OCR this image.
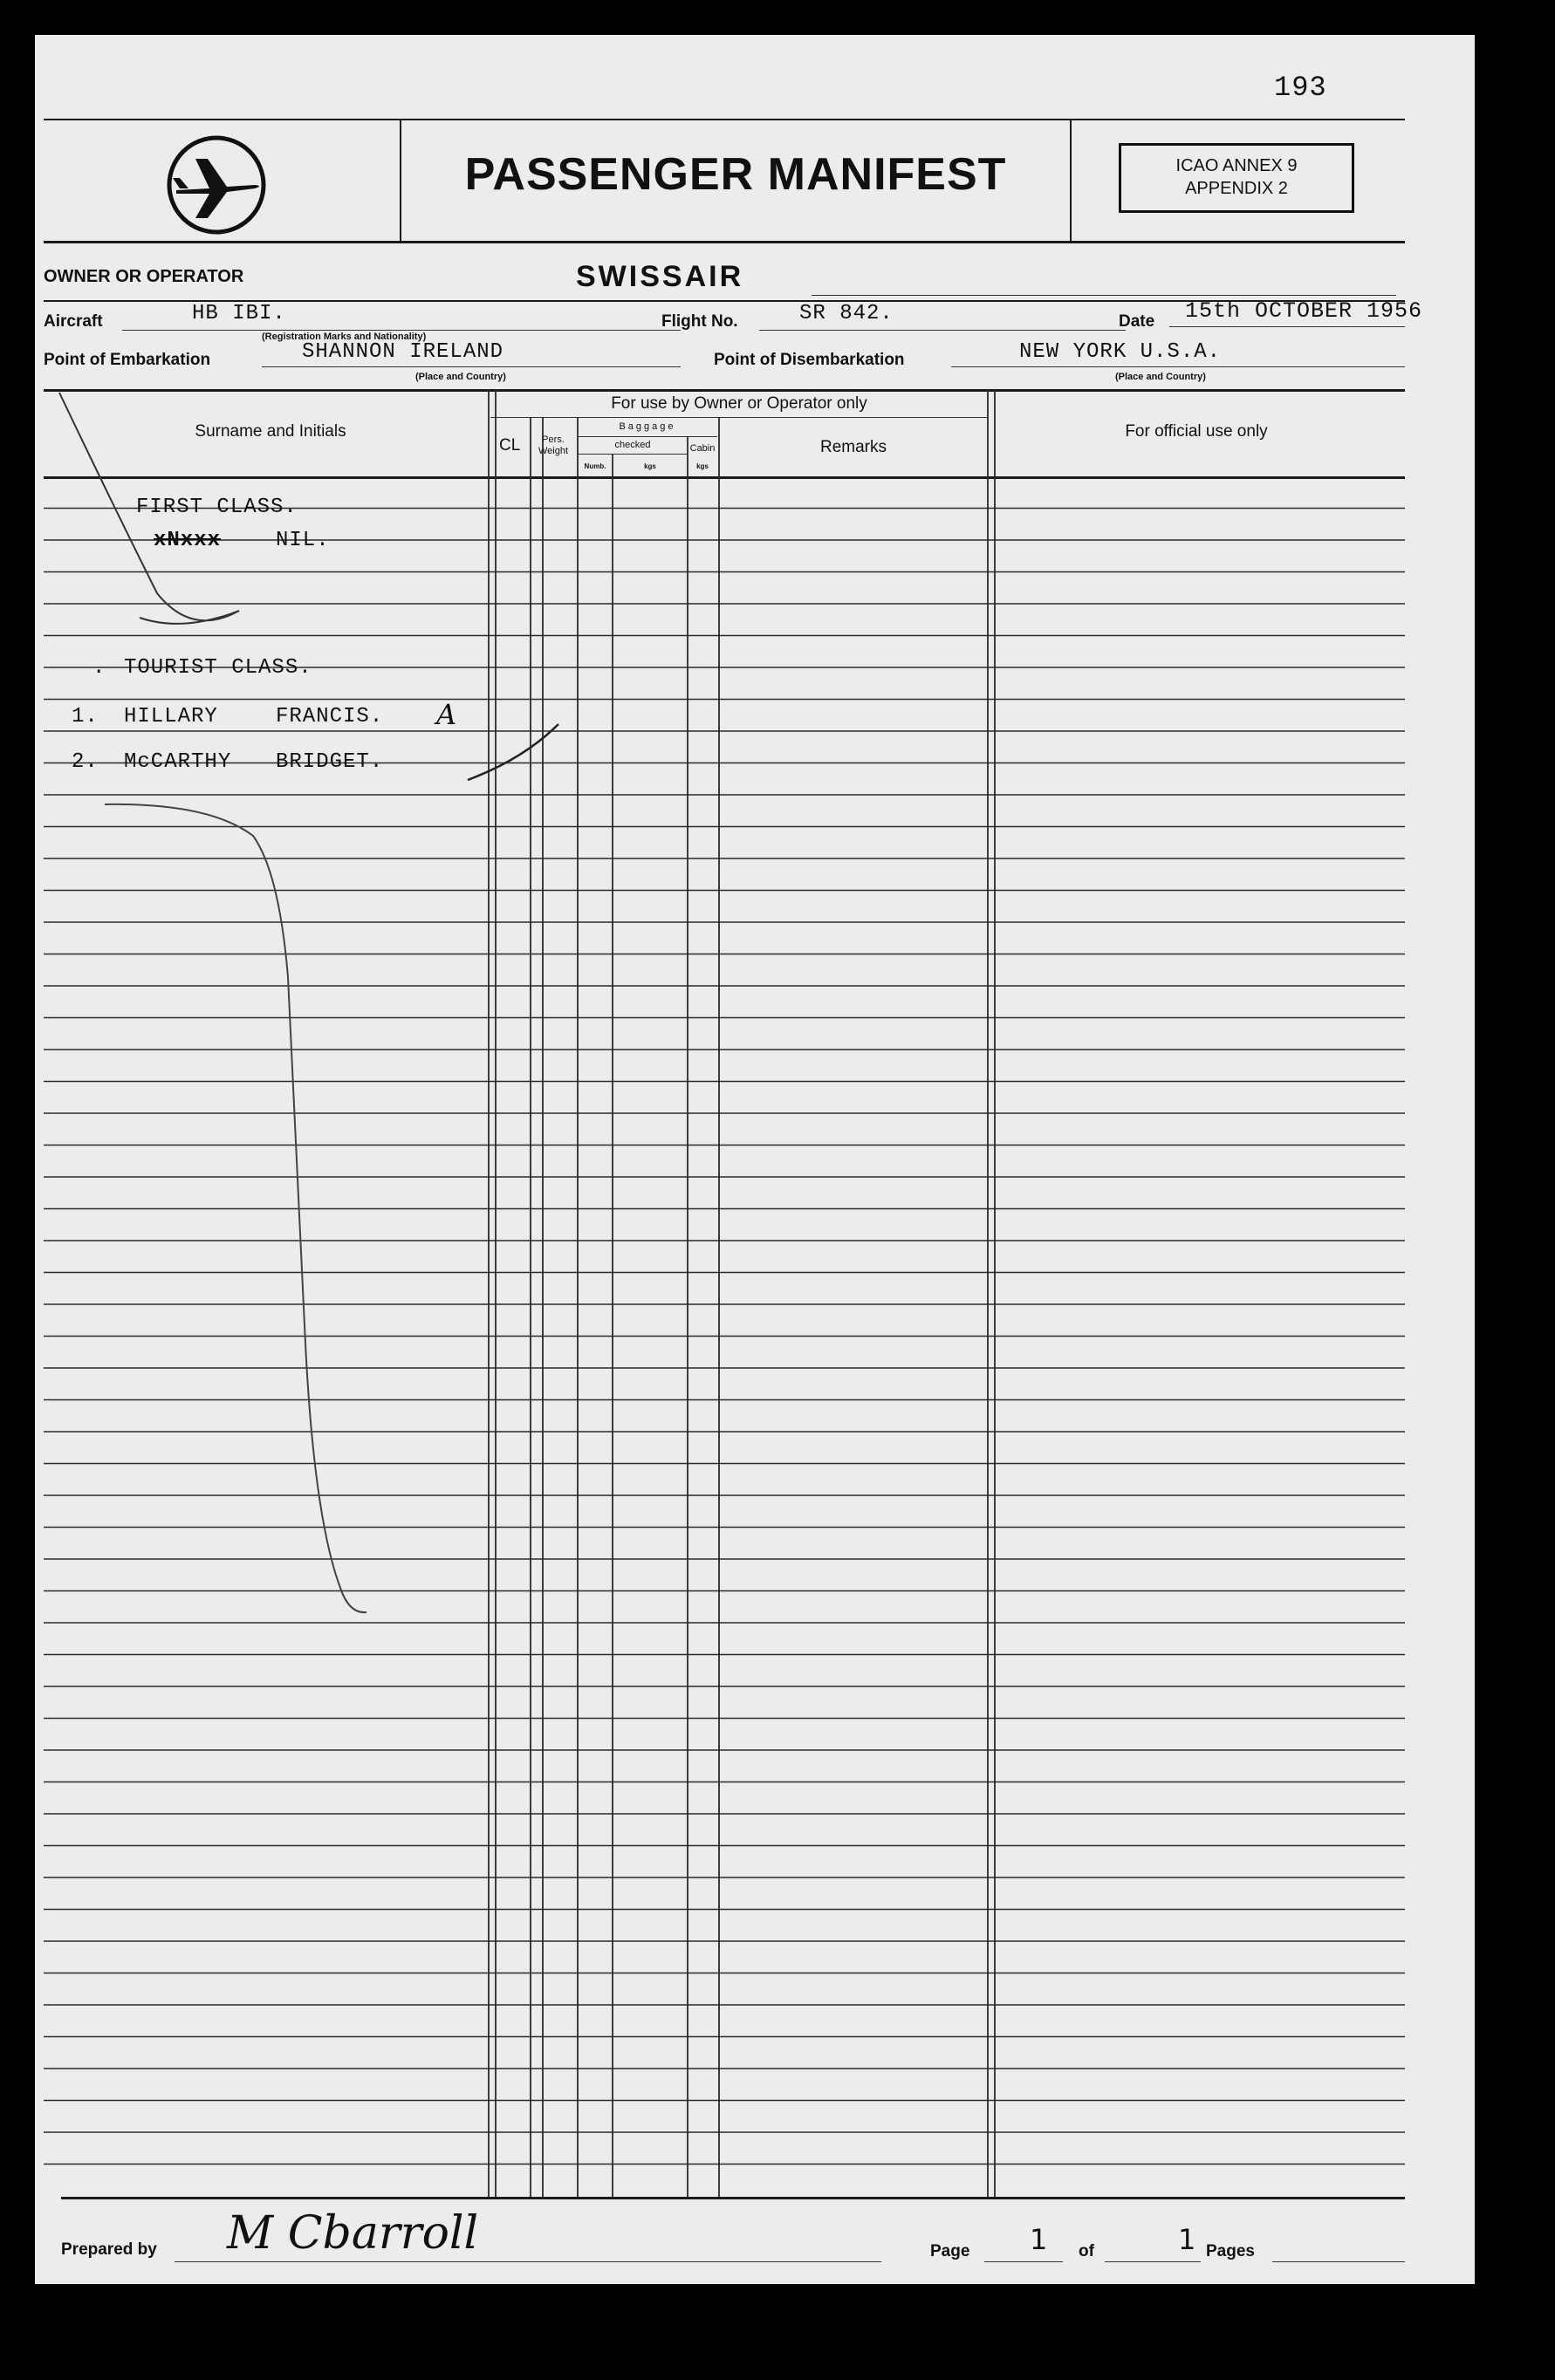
193
PASSENGER MANIFEST	ICAO ANNEX 9
APPENDIX 2
OWNER OR OPERATOR	SWISSAIR
Aircraft	HB IBI.
(Registration Marks and Nationality)
Flight No.	SR 842.	Date 15th OCTOBER 1956
Point of Embarkation	SHANNON IRELAND
(Place and Country)
Point of Disembarkation	NEW YORK U.S.A.
(Place and Country)
Surname and Initials
For use by Owner or Operator only
CL	Pers.
Weight
Baggage
checked	Cabin
Numb.	kgs	kgs
Remarks
For official use only
FIRST CLASS.
xNxxx	NIL.
. TOURIST CLASS.
1. HILLARY	FRANCIS. A
2. McCARTHY BRIDGET.
Prepared by M Cbarroll	Page 1 of	1 Pages
